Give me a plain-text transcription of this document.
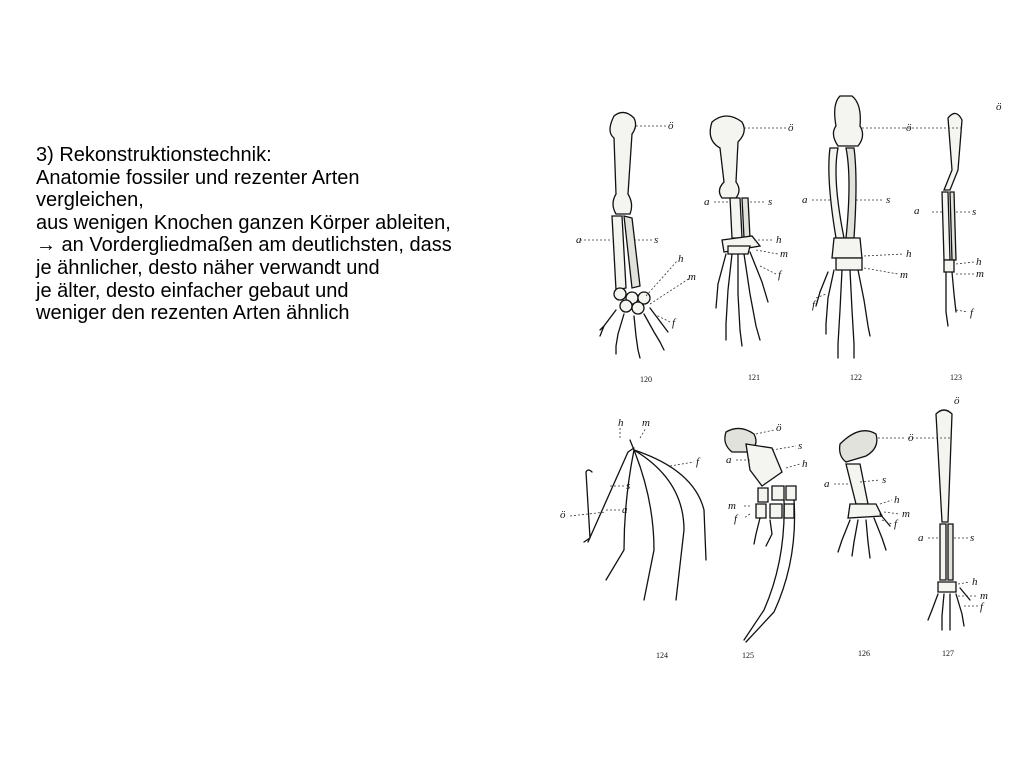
3) Rekonstruktionstechnik:
Anatomie fossiler und rezenter Arten
vergleichen,
aus wenigen Knochen ganzen Körper ableiten,
→ an Vordergliedmaßen am deutlichsten, dass
je ähnlicher, desto näher verwandt und
je älter, desto einfacher gebaut und
weniger den rezenten Arten ähnlich
ö
a	s
h
m
f
120
ö
a	s
h
m
f
121
ö
a	s
h
m
f
122
a	s
h
m
f
ö
123
h m
f
s
a
ö
124
ö
s
a	h
m
f
125
ö
s
a
h
m
f
126
a	s
h
m
f
ö
127
